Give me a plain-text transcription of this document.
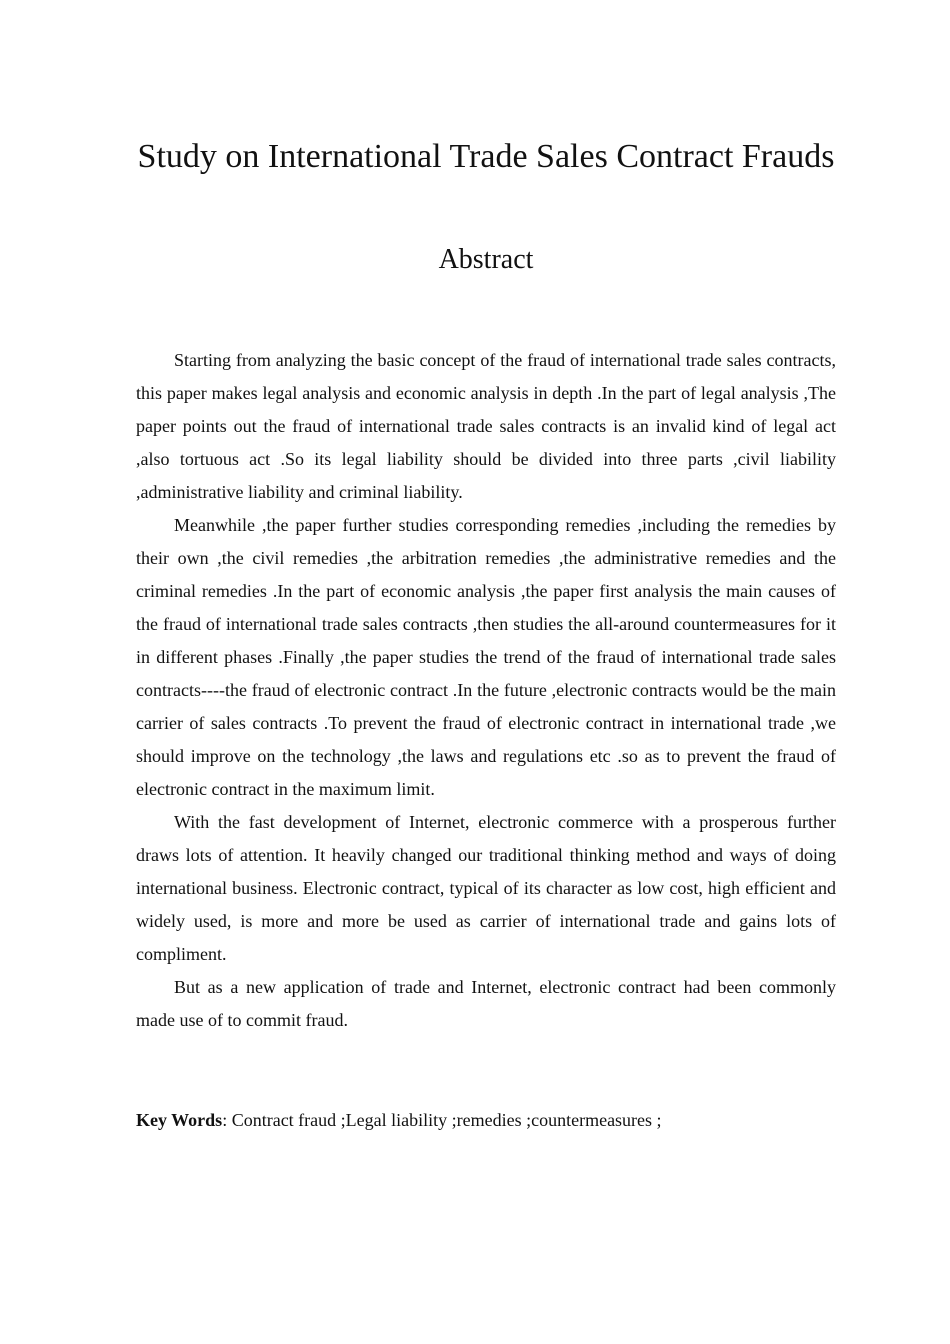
Study on International Trade Sales Contract Frauds
Abstract

Starting from analyzing the basic concept of the fraud of international trade sales contracts, this paper makes legal analysis and economic analysis in depth .In the part of legal analysis ,The paper points out the fraud of international trade sales contracts is an invalid kind of legal act ,also tortuous act .So its legal liability should be divided into three parts ,civil liability ,administrative liability and criminal liability.

Meanwhile ,the paper further studies corresponding remedies ,including the remedies by their own ,the civil remedies ,the arbitration remedies ,the administrative remedies and the criminal remedies .In the part of economic analysis ,the paper first analysis the main causes of the fraud of international trade sales contracts ,then studies the all-around countermeasures for it in different phases .Finally ,the paper studies the trend of the fraud of international trade sales contracts----the fraud of electronic contract .In the future ,electronic contracts would be the main carrier of sales contracts .To prevent the fraud of electronic contract in international trade ,we should improve on the technology ,the laws and regulations etc .so as to prevent the fraud of electronic contract in the maximum limit.

With the fast development of Internet, electronic commerce with a prosperous further draws lots of attention. It heavily changed our traditional thinking method and ways of doing international business. Electronic contract, typical of its character as low cost, high efficient and widely used, is more and more be used as carrier of international trade and gains lots of compliment.

But as a new application of trade and Internet, electronic contract had been commonly made use of to commit fraud.

Key Words: Contract fraud ;Legal liability ;remedies ;countermeasures ;
